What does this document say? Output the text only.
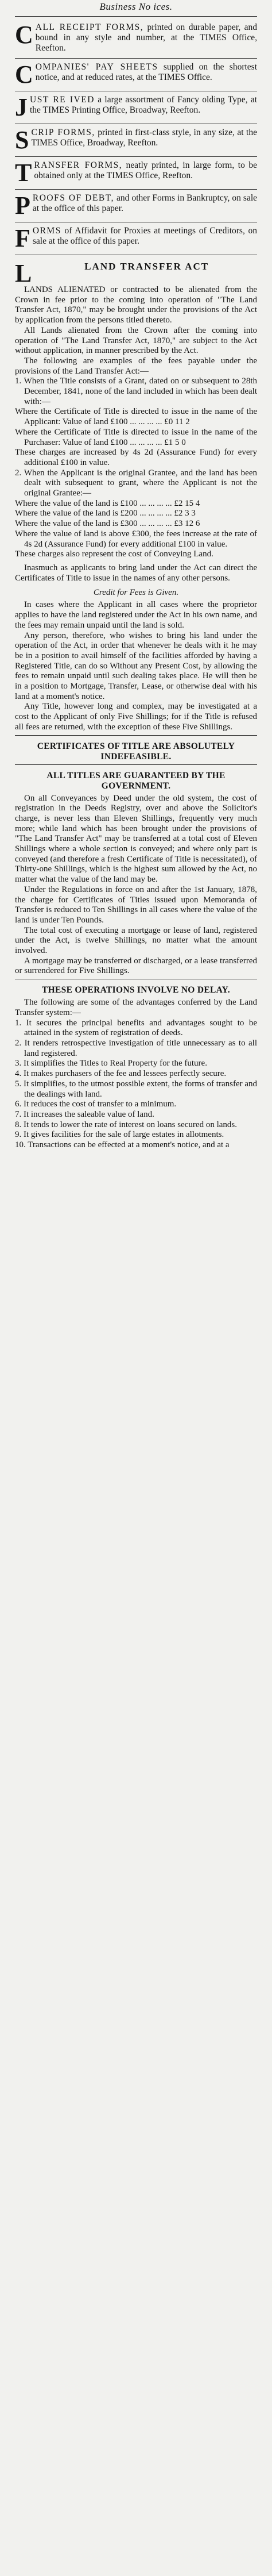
Business No ices.
CALL RECEIPT FORMS, printed on durable paper, and bound in any style and number, at the TIMES Office, Reefton.
COMPANIES' PAY SHEETS supplied on the shortest notice, and at reduced rates, at the TIMES Office.
JUST RE IVED a large assortment of Fancy olding Type, at the TIMES Printing Office, Broadway, Reefton.
SCRIP FORMS, printed in first-class style, in any size, at the TIMES Office, Broadway, Reefton.
TRANSFER FORMS, neatly printed, in large form, to be obtained only at the TIMES Office, Reefton.
PROOFS OF DEBT, and other Forms in Bankruptcy, on sale at the office of this paper.
FORMS of Affidavit for Proxies at meetings of Creditors, on sale at the office of this paper.
L	LAND TRANSFER ACT

LANDS ALIENATED or contracted to be alienated from the Crown in fee prior to the coming into operation of "The Land Transfer Act, 1870," may be brought under the provisions of the Act by application from the persons titled thereto.

All Lands alienated from the Crown after the coming into operation of "The Land Transfer Act, 1870," are subject to the Act without application, in manner prescribed by the Act.

The following are examples of the fees payable under the provisions of the Land Transfer Act:—

1. When the Title consists of a Grant, dated on or subsequent to 28th December, 1841, none of the land included in which has been dealt with:—

Where the Certificate of Title is directed to issue in the name of the Applicant: Value of land £100 ... ... ... ... £0 11 2

Where the Certificate of Title is directed to issue in the name of the Purchaser: Value of land £100 ... ... ... ... £1 5 0

These charges are increased by 4s 2d (Assurance Fund) for every additional £100 in value.

2. When the Applicant is the original Grantee, and the land has been dealt with subsequent to grant, where the Applicant is not the original Grantee:—

Where the value of the land is £100 ... ... ... ... £2 15 4

Where the value of the land is £200 ... ... ... ... £2 3 3

Where the value of the land is £300 ... ... ... ... £3 12 6

Where the value of land is above £300, the fees increase at the rate of 4s 2d (Assurance Fund) for every additional £100 in value.

These charges also represent the cost of Conveying Land.

Inasmuch as applicants to bring land under the Act can direct the Certificates of Title to issue in the names of any other persons.

Credit for Fees is Given.

In cases where the Applicant in all cases where the proprietor applies to have the land registered under the Act in his own name, and the fees may remain unpaid until the land is sold.

Any person, therefore, who wishes to bring his land under the operation of the Act, in order that whenever he deals with it he may be in a position to avail himself of the facilities afforded by having a Registered Title, can do so Without any Present Cost, by allowing the fees to remain unpaid until such dealing takes place. He will then be in a position to Mortgage, Transfer, Lease, or otherwise deal with his land at a moment's notice.

Any Title, however long and complex, may be investigated at a cost to the Applicant of only Five Shillings; for if the Title is refused all fees are returned, with the exception of these Five Shillings.

CERTIFICATES OF TITLE ARE ABSOLUTELY INDEFEASIBLE.
ALL TITLES ARE GUARANTEED BY THE GOVERNMENT.

On all Conveyances by Deed under the old system, the cost of registration in the Deeds Registry, over and above the Solicitor's charge, is never less than Eleven Shillings, frequently very much more; while land which has been brought under the provisions of "The Land Transfer Act" may be transferred at a total cost of Eleven Shillings where a whole section is conveyed; and where only part is conveyed (and therefore a fresh Certificate of Title is necessitated), of Thirty-one Shillings, which is the highest sum allowed by the Act, no matter what the value of the land may be.

Under the Regulations in force on and after the 1st January, 1878, the charge for Certificates of Titles issued upon Memoranda of Transfer is reduced to Ten Shillings in all cases where the value of the land is under Ten Pounds.

The total cost of executing a mortgage or lease of land, registered under the Act, is twelve Shillings, no matter what the amount involved.

A mortgage may be transferred or discharged, or a lease transferred or surrendered for Five Shillings.

THESE OPERATIONS INVOLVE NO DELAY.

The following are some of the advantages conferred by the Land Transfer system:—

1. It secures the principal benefits and advantages sought to be attained in the system of registration of deeds.

2. It renders retrospective investigation of title unnecessary as to all land registered.

3. It simplifies the Titles to Real Property for the future.

4. It makes purchasers of the fee and lessees perfectly secure.

5. It simplifies, to the utmost possible extent, the forms of transfer and the dealings with land.

6. It reduces the cost of transfer to a minimum.

7. It increases the saleable value of land.

8. It tends to lower the rate of interest on loans secured on lands.

9. It gives facilities for the sale of large estates in allotments.

10. Transactions can be effected at a moment's notice, and at a
